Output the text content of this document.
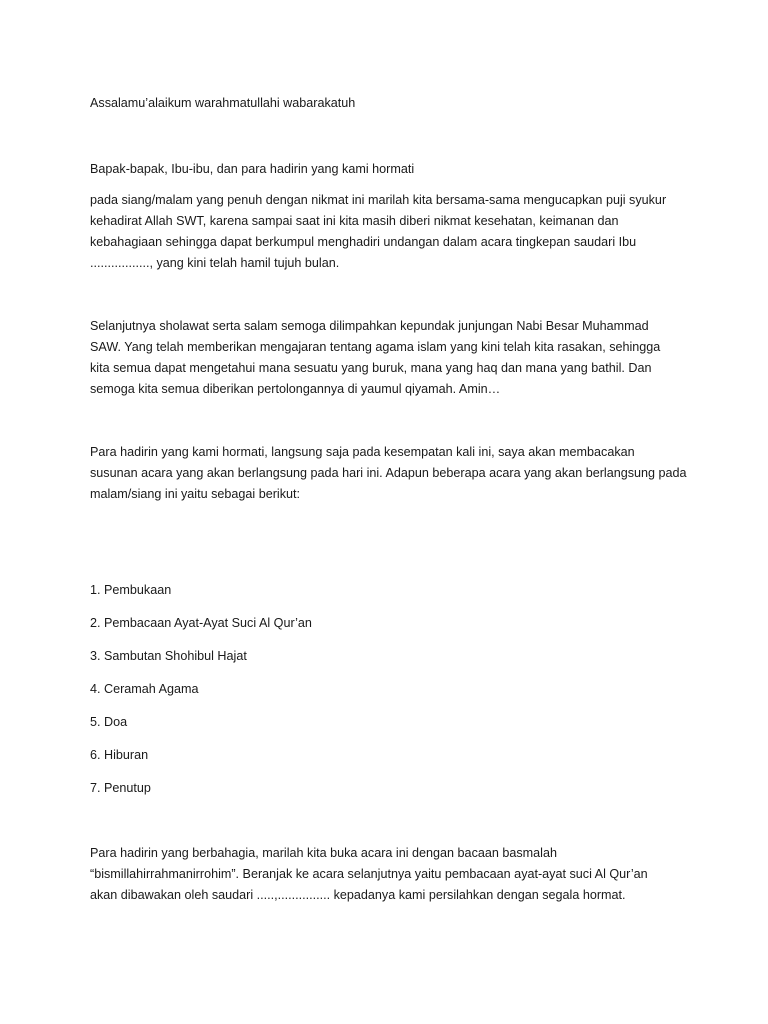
Assalamu’alaikum warahmatullahi wabarakatuh
Bapak-bapak, Ibu-ibu, dan para hadirin yang kami hormati
pada siang/malam yang penuh dengan nikmat ini marilah kita bersama-sama mengucapkan puji syukur
kehadirat Allah SWT, karena sampai saat ini kita masih diberi nikmat kesehatan, keimanan dan
kebahagiaan sehingga dapat berkumpul menghadiri undangan dalam acara tingkepan saudari Ibu
................., yang kini telah hamil tujuh bulan.
Selanjutnya sholawat serta salam semoga dilimpahkan kepundak junjungan Nabi Besar Muhammad
SAW. Yang telah memberikan mengajaran tentang agama islam yang kini telah kita rasakan, sehingga
kita semua dapat mengetahui mana sesuatu yang buruk, mana yang haq dan mana yang bathil. Dan
semoga kita semua diberikan pertolongannya di yaumul qiyamah. Amin…
Para hadirin yang kami hormati, langsung saja pada kesempatan kali ini, saya akan membacakan
susunan acara yang akan berlangsung pada hari ini. Adapun beberapa acara yang akan berlangsung pada
malam/siang ini yaitu sebagai berikut:
1. Pembukaan
2. Pembacaan Ayat-Ayat Suci Al Qur’an
3. Sambutan Shohibul Hajat
4. Ceramah Agama
5. Doa
6. Hiburan
7. Penutup
Para hadirin yang berbahagia, marilah kita buka acara ini dengan bacaan basmalah
“bismillahirrahmanirrohim”. Beranjak ke acara selanjutnya yaitu pembacaan ayat-ayat suci Al Qur’an
akan dibawakan oleh saudari .....,............... kepadanya kami persilahkan dengan segala hormat.
